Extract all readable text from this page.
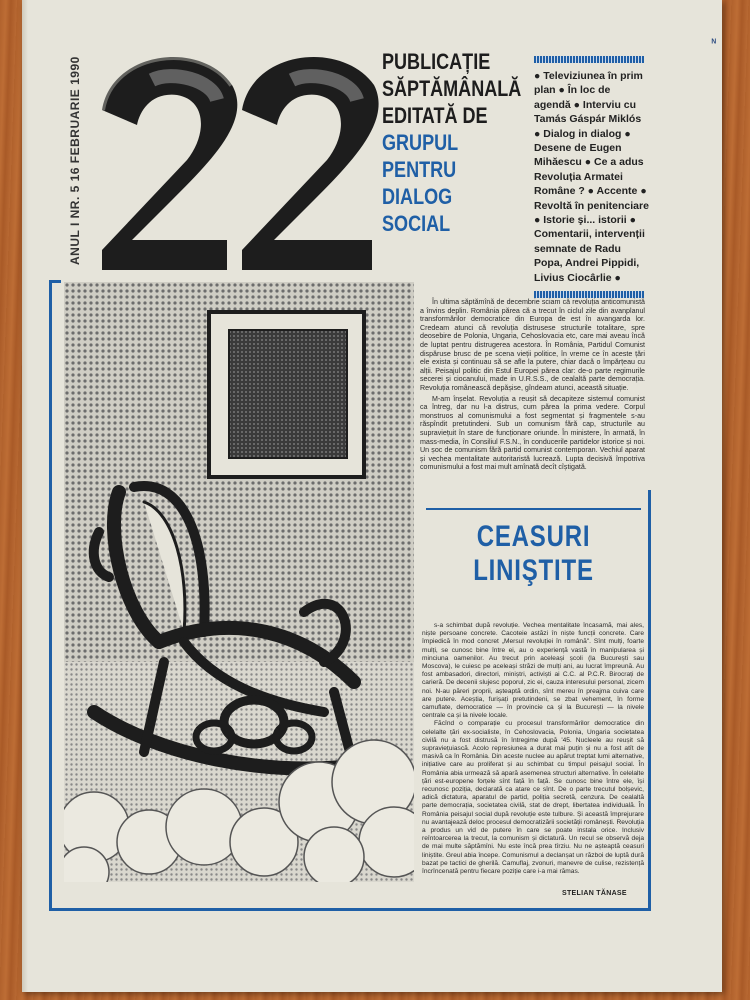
ᴺ
ANUL I NR. 5 16 FEBRUARIE 1990	PUBLICAȚIE
SĂPTĂMÂNALĂ
EDITATĂ DE
GRUPUL
PENTRU DIALOG
SOCIAL
● Televiziunea în prim plan ● În loc de agendă ● Interviu cu Tamás Gáspár Miklós ● Dialog in dialog ● Desene de Eugen Mihăescu ● Ce a adus Revoluția Armatei Române ? ● Accente ● Revoltă în penitenciare ● Istorie şi... istorii ● Comentarii, intervenții semnate de Radu Popa, Andrei Pippidi, Livius Ciocârlie ●

În ultima săptămînă de decembrie sciam că revoluția anticomunistă a învins deplin. România părea că a trecut în ciclul zile din avanplanul transformărilor democratice din Europa de est în avangarda lor. Credeam atunci că revoluția distrusese structurile totalitare, spre deosebire de Polonia, Ungaria, Cehoslovacia etc, care mai aveau încă de luptat pentru distrugerea acestora. În România, Partidul Comunist dispăruse brusc de pe scena vieții politice, în vreme ce în aceste țări ele exista și continuau să se afle la putere, chiar dacă o împărțeau cu alții. Peisajul politic din Estul Europei părea clar: de-o parte regimurile secerei și ciocanului, made in U.R.S.S., de cealaltă parte democrația. Revoluția românească depășise, gîndeam atunci, această situație.

M-am înșelat. Revoluția a reușit să decapiteze sistemul comunist ca întreg, dar nu l-a distrus, cum părea la prima vedere. Corpul monstruos al comunismului a fost segmentat și fragmentele s-au răspîndit pretutindeni. Sub un comunism fără cap, structurile au supraviețuit în stare de funcționare oriunde. În ministere, în armată, în mass-media, în Consiliul F.S.N., în conducerile partidelor istorice și noi. Un șoc de comunism fără partid comunist contemporan. Vechiul aparat și vechea mentalitate autoritaristă lucrează. Lupta decisivă împotriva comunismului a fost mai mult amînată decît cîștigată.

CEASURI
LINIŞTITE

s-a schimbat după revoluție. Vechea mentalitate încasamă, mai ales, niște persoane concrete. Cacoteie astăzi în niște funcții concrete. Care împiedică în mod concret „Mersul revoluției în română". Sînt mulți, foarte mulți, se cunosc bine între ei, au o experiență vastă în manipularea și minciuna oamenilor. Au trecut prin aceleași școli (la București sau Moscova), le cuiesc pe aceleași străzi de mulți ani, au lucrat împreună. Au fost ambasadori, directori, miniștri, activiști ai C.C. al P.C.R. Birocrați de carieră. De decenii slujesc poporul, zic ei, cauza interesului personal, zicem noi. N-au păreri proprii, așteaptă ordin, sînt mereu în preajma cuiva care are putere. Aceștia, furișați pretutindeni, se zbat vehement, în forme camuflate, democratice — în provincie ca și la București — la nivele centrale ca și la nivele locale.

Făcînd o comparație cu procesul transformărilor democratice din celelalte țări ex-socialiste, în Cehoslovacia, Polonia, Ungaria societatea civilă nu a fost distrusă în întregime după '45. Nucleele au reușit să supraviețuiască. Acolo represiunea a durat mai puțin și nu a fost atît de masivă ca în România. Din aceste nuclee au apărut treptat lumi alternative, inițiative care au proliferat și au schimbat cu timpul peisajul social. În România abia urmează să apară asemenea structuri alternative. În celelalte țări est-europene forțele sînt față în față. Se cunosc bine între ele, își recunosc poziția, declarată ca atare ce sînt. De o parte trecutul bolșevic, adică dictatura, aparatul de partid, poliția secretă, cenzura. De cealaltă parte democrația, societatea civilă, stat de drept, libertatea individuală. În România peisajul social după revoluție este tulbure. Și această împrejurare nu avantajează deloc procesul democratizării societății românești. Revoluția a produs un vid de putere în care se poate instala orice. Inclusiv reîntoarcerea la trecut, la comunism și dictatură. Un recul se observă deja de mai multe săptămîni. Nu este încă prea tîrziu. Nu ne așteaptă ceasuri liniștite. Greul abia începe. Comunismul a declanșat un război de luptă dură bazat pe tactici de gherilă. Camuflaj, zvonuri, manevre de culise, rezistență încrîncenată pentru fiecare poziție care i-a mai rămas.

STELIAN TĂNASE
